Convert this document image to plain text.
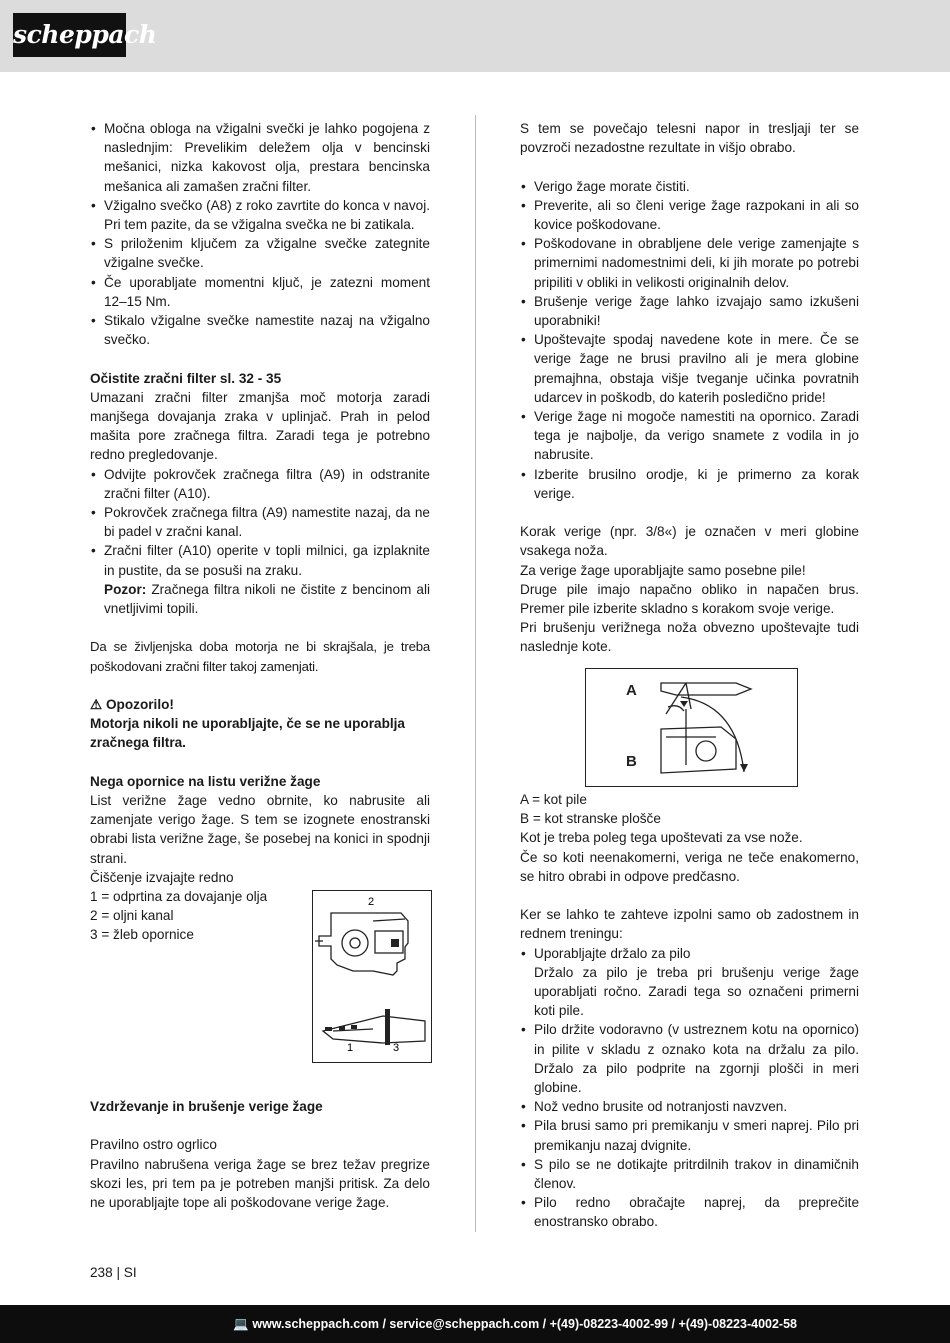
scheppach
• Močna obloga na vžigalni svečki je lahko pogojena z naslednjim: Prevelikim deležem olja v bencinski mešanici, nizka kakovost olja, prestara bencinska mešanica ali zamašen zračni filter.
• Vžigalno svečko (A8) z roko zavrtite do konca v navoj. Pri tem pazite, da se vžigalna svečka ne bi zatikala.
• S priloženim ključem za vžigalne svečke zategnite vžigalne svečke.
• Če uporabljate momentni ključ, je zatezni moment 12–15 Nm.
• Stikalo vžigalne svečke namestite nazaj na vžigalno svečko.

Očistite zračni filter sl. 32 - 35

Umazani zračni filter zmanjša moč motorja zaradi manjšega dovajanja zraka v uplinjač. Prah in pelod mašita pore zračnega filtra. Zaradi tega je potrebno redno pregledovanje.

• Odvijte pokrovček zračnega filtra (A9) in odstranite zračni filter (A10).
• Pokrovček zračnega filtra (A9) namestite nazaj, da ne bi padel v zračni kanal.
• Zračni filter (A10) operite v topli milnici, ga izplaknite in pustite, da se posuši na zraku.
Pozor: Zračnega filtra nikoli ne čistite z bencinom ali vnetljivimi topili.

Da se življenjska doba motorja ne bi skrajšala, je treba poškodovani zračni filter takoj zamenjati.

⚠ Opozorilo!

Motorja nikoli ne uporabljajte, če se ne uporablja zračnega filtra.

Nega opornice na listu verižne žage

List verižne žage vedno obrnite, ko nabrusite ali zamenjate verigo žage. S tem se izognete enostranski obrabi lista verižne žage, še posebej na konici in spodnji strani.

Čiščenje izvajajte redno

1 = odprtina za dovajanje olja

2 = oljni kanal

3 = žleb opornice

Vzdrževanje in brušenje verige žage

Pravilno ostro ogrlico

Pravilno nabrušena veriga žage se brez težav pregrize skozi les, pri tem pa je potreben manjši pritisk. Za delo ne uporabljajte tope ali poškodovane verige žage.

2
1	3

S tem se povečajo telesni napor in tresljaji ter se povzroči nezadostne rezultate in višjo obrabo.

• Verigo žage morate čistiti.
• Preverite, ali so členi verige žage razpokani in ali so kovice poškodovane.
• Poškodovane in obrabljene dele verige zamenjajte s primernimi nadomestnimi deli, ki jih morate po potrebi pripiliti v obliki in velikosti originalnih delov.
• Brušenje verige žage lahko izvajajo samo izkušeni uporabniki!
• Upoštevajte spodaj navedene kote in mere. Če se verige žage ne brusi pravilno ali je mera globine premajhna, obstaja višje tveganje učinka povratnih udarcev in poškodb, do katerih posledično pride!
• Verige žage ni mogoče namestiti na opornico. Zaradi tega je najbolje, da verigo snamete z vodila in jo nabrusite.
• Izberite brusilno orodje, ki je primerno za korak verige.

Korak verige (npr. 3/8«) je označen v meri globine vsakega noža.

Za verige žage uporabljajte samo posebne pile!

Druge pile imajo napačno obliko in napačen brus. Premer pile izberite skladno s korakom svoje verige.

Pri brušenju verižnega noža obvezno upoštevajte tudi naslednje kote.

A
B

A = kot pile

B = kot stranske plošče

Kot je treba poleg tega upoštevati za vse nože.

Če so koti neenakomerni, veriga ne teče enakomerno, se hitro obrabi in odpove predčasno.

Ker se lahko te zahteve izpolni samo ob zadostnem in rednem treningu:

• Uporabljajte držalo za pilo
Držalo za pilo je treba pri brušenju verige žage uporabljati ročno. Zaradi tega so označeni primerni koti pile.
• Pilo držite vodoravno (v ustreznem kotu na opornico) in pilite v skladu z oznako kota na držalu za pilo. Držalo za pilo podprite na zgornji plošči in meri globine.
• Nož vedno brusite od notranjosti navzven.
• Pila brusi samo pri premikanju v smeri naprej. Pilo pri premikanju nazaj dvignite.
• S pilo se ne dotikajte pritrdilnih trakov in dinamičnih členov.
• Pilo redno obračajte naprej, da preprečite enostransko obrabo.
238 | SI
💻 www.scheppach.com / service@scheppach.com / +(49)-08223-4002-99 / +(49)-08223-4002-58
